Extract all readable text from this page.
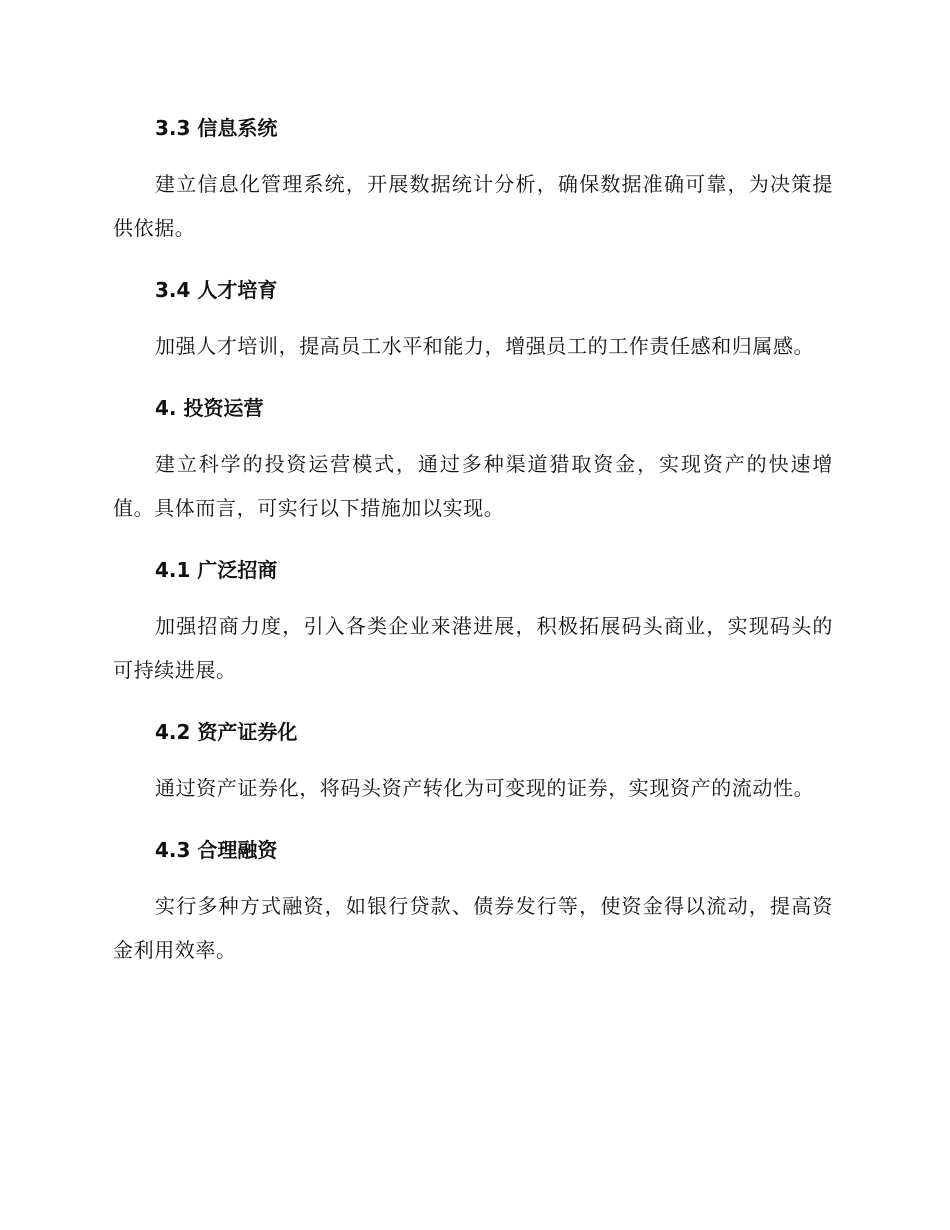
3.3 信息系统

建立信息化管理系统，开展数据统计分析，确保数据准确可靠，为决策提供依据。

3.4 人才培育

加强人才培训，提高员工水平和能力，增强员工的工作责任感和归属感。

4. 投资运营

建立科学的投资运营模式，通过多种渠道猎取资金，实现资产的快速增值。具体而言，可实行以下措施加以实现。

4.1 广泛招商

加强招商力度，引入各类企业来港进展，积极拓展码头商业，实现码头的可持续进展。

4.2 资产证券化

通过资产证券化，将码头资产转化为可变现的证券，实现资产的流动性。

4.3 合理融资

实行多种方式融资，如银行贷款、债券发行等，使资金得以流动，提高资金利用效率。
